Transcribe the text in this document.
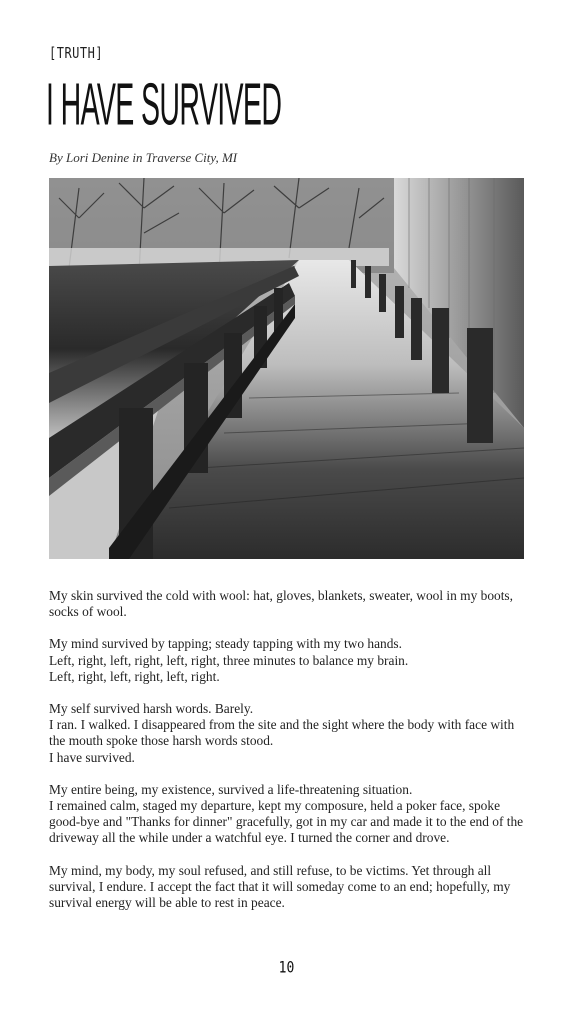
[TRUTH]
I HAVE SURVIVED
By Lori Denine in Traverse City, MI

My skin survived the cold with wool: hat, gloves, blankets, sweater, wool in my boots,
socks of wool.

My mind survived by tapping; steady tapping with my two hands.
Left, right, left, right, left, right, three minutes to balance my brain.
Left, right, left, right, left, right.

My self survived harsh words. Barely.
I ran. I walked. I disappeared from the site and the sight where the body with face with
the mouth spoke those harsh words stood.
I have survived.

My entire being, my existence, survived a life-threatening situation.
I remained calm, staged my departure, kept my composure, held a poker face, spoke
good-bye and "Thanks for dinner" gracefully, got in my car and made it to the end of the
driveway all the while under a watchful eye. I turned the corner and drove.

My mind, my body, my soul refused, and still refuse, to be victims. Yet through all
survival, I endure. I accept the fact that it will someday come to an end; hopefully, my
survival energy will be able to rest in peace.

10
